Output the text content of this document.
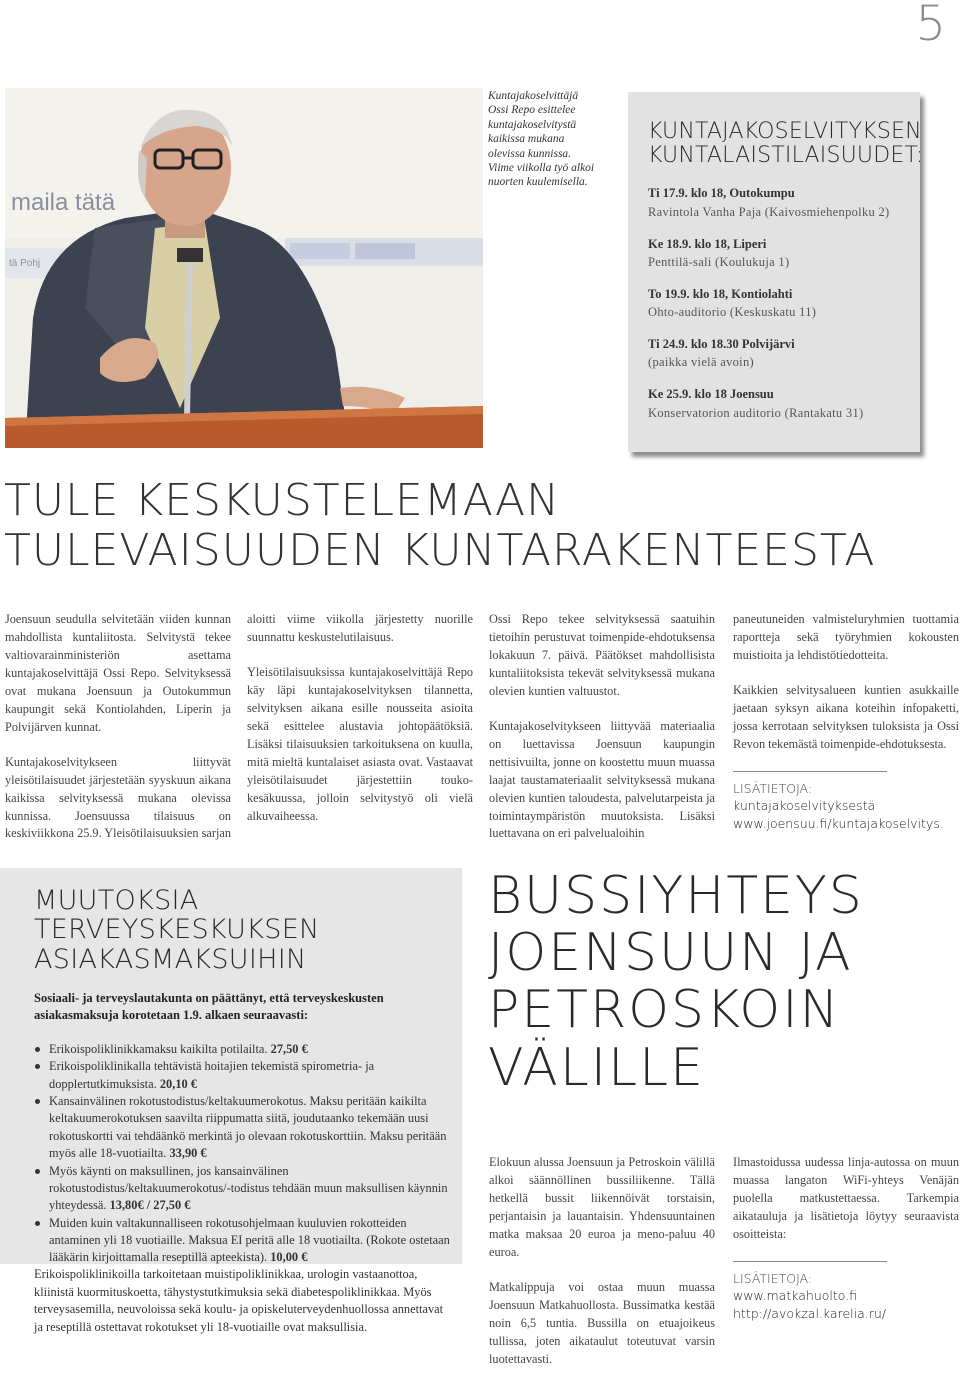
5
maila tätä
tä Pohj
Kuntajakoselvittäjä Ossi Repo esittelee kuntajakoselvitystä kaikissa mukana olevissa kunnissa. Viime viikolla työ alkoi nuorten kuulemisella.
KUNTAJAKOSELVITYKSEN
KUNTALAISTILAISUUDET:
Ti 17.9. klo 18, Outokumpu
Ravintola Vanha Paja (Kaivosmiehenpolku 2)
Ke 18.9. klo 18, Liperi
Penttilä-sali (Koulukuja 1)
To 19.9. klo 18, Kontiolahti
Ohto-auditorio (Keskuskatu 11)
Ti 24.9. klo 18.30 Polvijärvi
(paikka vielä avoin)
Ke 25.9. klo 18 Joensuu
Konservatorion auditorio (Rantakatu 31)
TULE KESKUSTELEMAAN
TULEVAISUUDEN KUNTARAKENTEESTA

Joensuun seudulla selvitetään viiden kunnan mahdollista kuntaliitosta. Selvitystä tekee valtiovarainministeriön asettama kuntajakoselvittäjä Ossi Repo. Selvityksessä ovat mukana Joensuun ja Outokummun kaupungit sekä Kontiolahden, Liperin ja Polvijärven kunnat.

Kuntajakoselvitykseen liittyvät yleisötilaisuudet järjestetään syyskuun aikana kaikissa selvityksessä mukana olevissa kunnissa. Joensuussa tilaisuus on keskiviikkona 25.9. Yleisötilaisuuksien sarjan

aloitti viime viikolla järjestetty nuorille suunnattu keskustelutilaisuus.

Yleisötilaisuuksissa kuntajakoselvittäjä Repo käy läpi kuntajakoselvityksen tilannetta, selvityksen aikana esille nousseita asioita sekä esittelee alustavia johtopäätöksiä. Lisäksi tilaisuuksien tarkoituksena on kuulla, mitä mieltä kuntalaiset asiasta ovat. Vastaavat yleisötilaisuudet järjestettiin touko-kesäkuussa, jolloin selvitystyö oli vielä alkuvaiheessa.

Ossi Repo tekee selvityksessä saatuihin tietoihin perustuvat toimenpide-ehdotuksensa lokakuun 7. päivä. Päätökset mahdollisista kuntaliitoksista tekevät selvityksessä mukana olevien kuntien valtuustot.

Kuntajakoselvitykseen liittyvää materiaalia on luettavissa Joensuun kaupungin nettisivuilta, jonne on koostettu muun muassa laajat taustamateriaalit selvityksessä mukana olevien kuntien taloudesta, palvelutarpeista ja toimintaympäristön muutoksista. Lisäksi luettavana on eri palvelualoihin

paneutuneiden valmisteluryhmien tuottamia raportteja sekä työryhmien kokousten muistioita ja lehdistötiedotteita.

Kaikkien selvitysalueen kuntien asukkaille jaetaan syksyn aikana koteihin infopaketti, jossa kerrotaan selvityksen tuloksista ja Ossi Revon tekemästä toimenpide-ehdotuksesta.

LISÄTIETOJA:
kuntajakoselvityksestä
www.joensuu.fi/kuntajakoselvitys.
MUUTOKSIA
TERVEYSKESKUKSEN
ASIAKASMAKSUIHIN
Sosiaali- ja terveyslautakunta on päättänyt, että terveyskeskusten asiakasmaksuja korotetaan 1.9. alkaen seuraavasti:
Erikoispoliklinikkamaksu kaikilta potilailta. 27,50 €
Erikoispoliklinikalla tehtävistä hoitajien tekemistä spirometria- ja dopplertutkimuksista. 20,10 €
Kansainvälinen rokotustodistus/keltakuumerokotus. Maksu peritään kaikilta keltakuumerokotuksen saavilta riippumatta siitä, joudutaanko tekemään uusi rokotuskortti vai tehdäänkö merkintä jo olevaan rokotuskorttiin. Maksu peritään myös alle 18-vuotiailta. 33,90 €
Myös käynti on maksullinen, jos kansainvälinen rokotustodistus/keltakuumerokotus/-todistus tehdään muun maksullisen käynnin yhteydessä. 13,80€ / 27,50 €
Muiden kuin valtakunnalliseen rokotusohjelmaan kuuluvien rokotteiden antaminen yli 18 vuotiaille. Maksua EI peritä alle 18 vuotiailta. (Rokote ostetaan lääkärin kirjoittamalla reseptillä apteekista). 10,00 €
Erikoispoliklinikoilla tarkoitetaan muistipoliklinikkaa, urologin vastaanottoa, kliinistä kuormituskoetta, tähystystutkimuksia sekä diabetespoliklinikkaa. Myös terveysasemilla, neuvoloissa sekä koulu- ja opiskeluterveydenhuollossa annettavat ja reseptillä ostettavat rokotukset yli 18-vuotiaille ovat maksullisia.
BUSSIYHTEYS
JOENSUUN JA
PETROSKOIN
VÄLILLE

Elokuun alussa Joensuun ja Petroskoin välillä alkoi säännöllinen bussiliikenne. Tällä hetkellä bussit liikennöivät torstaisin, perjantaisin ja lauantaisin. Yhdensuuntainen matka maksaa 20 euroa ja meno-paluu 40 euroa.

Matkalippuja voi ostaa muun muassa Joensuun Matkahuollosta. Bussimatka kestää noin 6,5 tuntia. Bussilla on etuajoikeus tullissa, joten aikataulut toteutuvat varsin luotettavasti.

Ilmastoidussa uudessa linja-autossa on muun muassa langaton WiFi-yhteys Venäjän puolella matkustettaessa. Tarkempia aikatauluja ja lisätietoja löytyy seuraavista osoitteista:

LISÄTIETOJA:
www.matkahuolto.fi
http://avokzal.karelia.ru/
